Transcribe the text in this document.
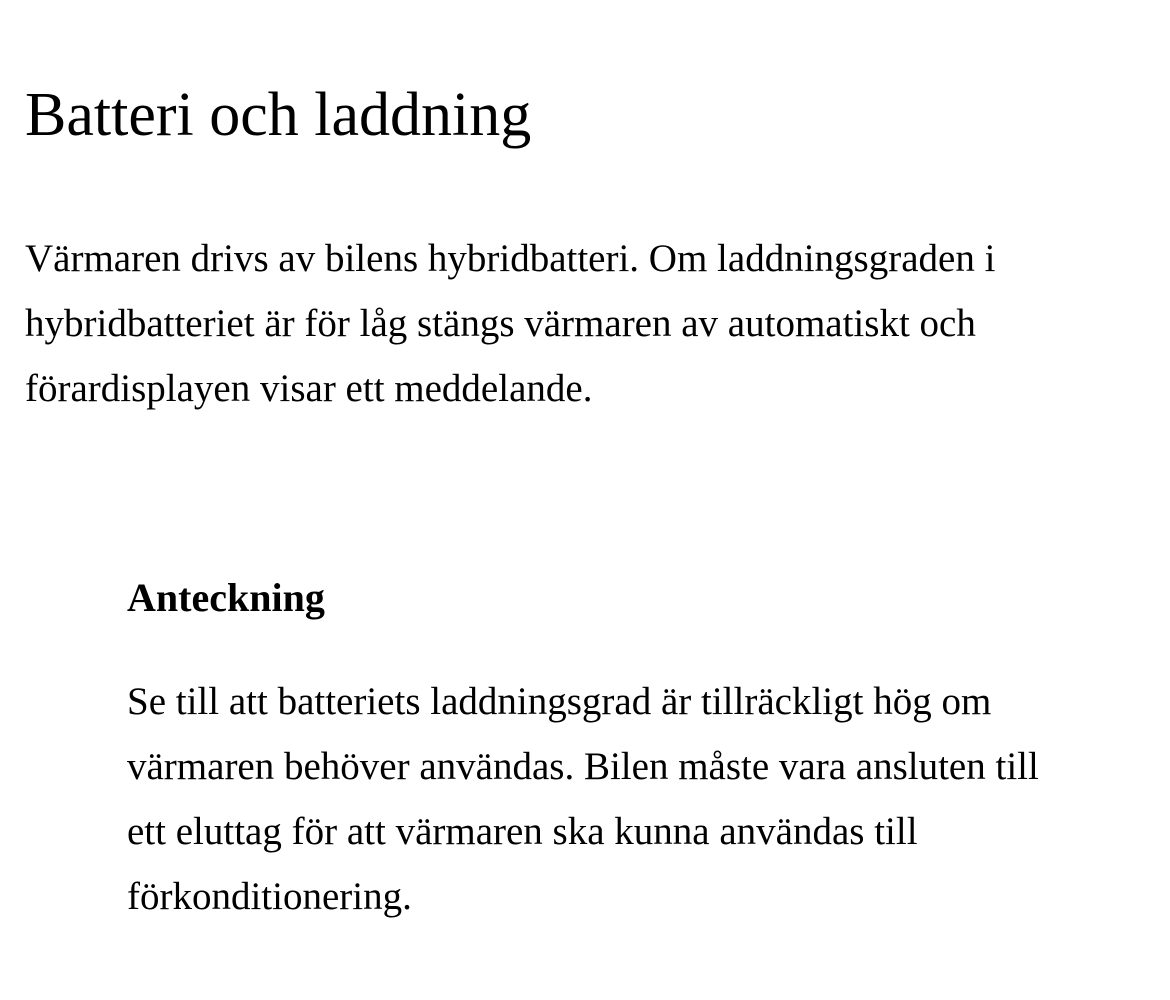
Batteri och laddning

Värmaren drivs av bilens hybridbatteri. Om laddningsgraden i hybridbatteriet är för låg stängs värmaren av automatiskt och förardisplayen visar ett meddelande.

Anteckning

Se till att batteriets laddningsgrad är tillräckligt hög om värmaren behöver användas. Bilen måste vara ansluten till ett eluttag för att värmaren ska kunna användas till förkonditionering.
